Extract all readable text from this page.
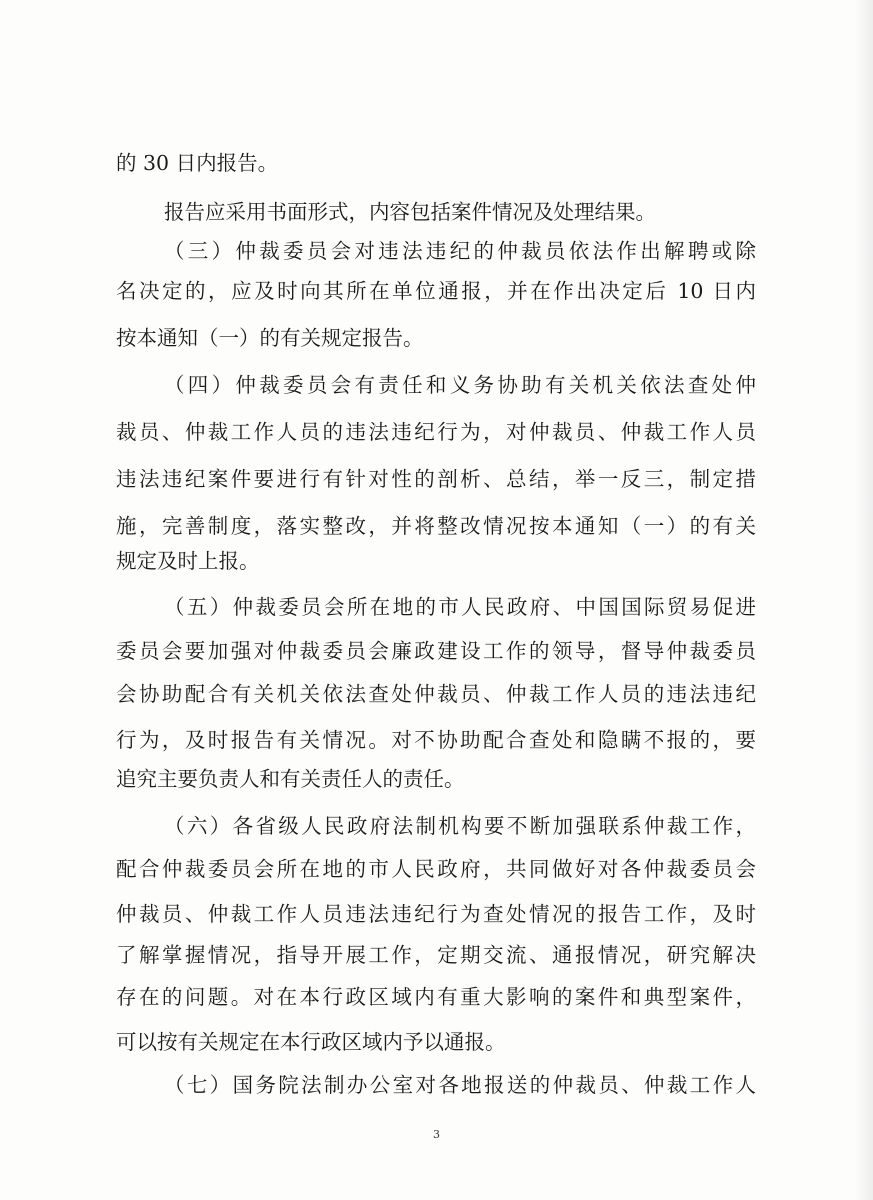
的 30 日内报告。
报告应采用书面形式，内容包括案件情况及处理结果。
（三）仲裁委员会对违法违纪的仲裁员依法作出解聘或除
名决定的，应及时向其所在单位通报，并在作出决定后 10 日内
按本通知（一）的有关规定报告。
（四）仲裁委员会有责任和义务协助有关机关依法查处仲
裁员、仲裁工作人员的违法违纪行为，对仲裁员、仲裁工作人员
违法违纪案件要进行有针对性的剖析、总结，举一反三，制定措
施，完善制度，落实整改，并将整改情况按本通知（一）的有关
规定及时上报。
（五）仲裁委员会所在地的市人民政府、中国国际贸易促进
委员会要加强对仲裁委员会廉政建设工作的领导，督导仲裁委员
会协助配合有关机关依法查处仲裁员、仲裁工作人员的违法违纪
行为，及时报告有关情况。对不协助配合查处和隐瞒不报的，要
追究主要负责人和有关责任人的责任。
（六）各省级人民政府法制机构要不断加强联系仲裁工作，
配合仲裁委员会所在地的市人民政府，共同做好对各仲裁委员会
仲裁员、仲裁工作人员违法违纪行为查处情况的报告工作，及时
了解掌握情况，指导开展工作，定期交流、通报情况，研究解决
存在的问题。对在本行政区域内有重大影响的案件和典型案件，
可以按有关规定在本行政区域内予以通报。
（七）国务院法制办公室对各地报送的仲裁员、仲裁工作人
3
